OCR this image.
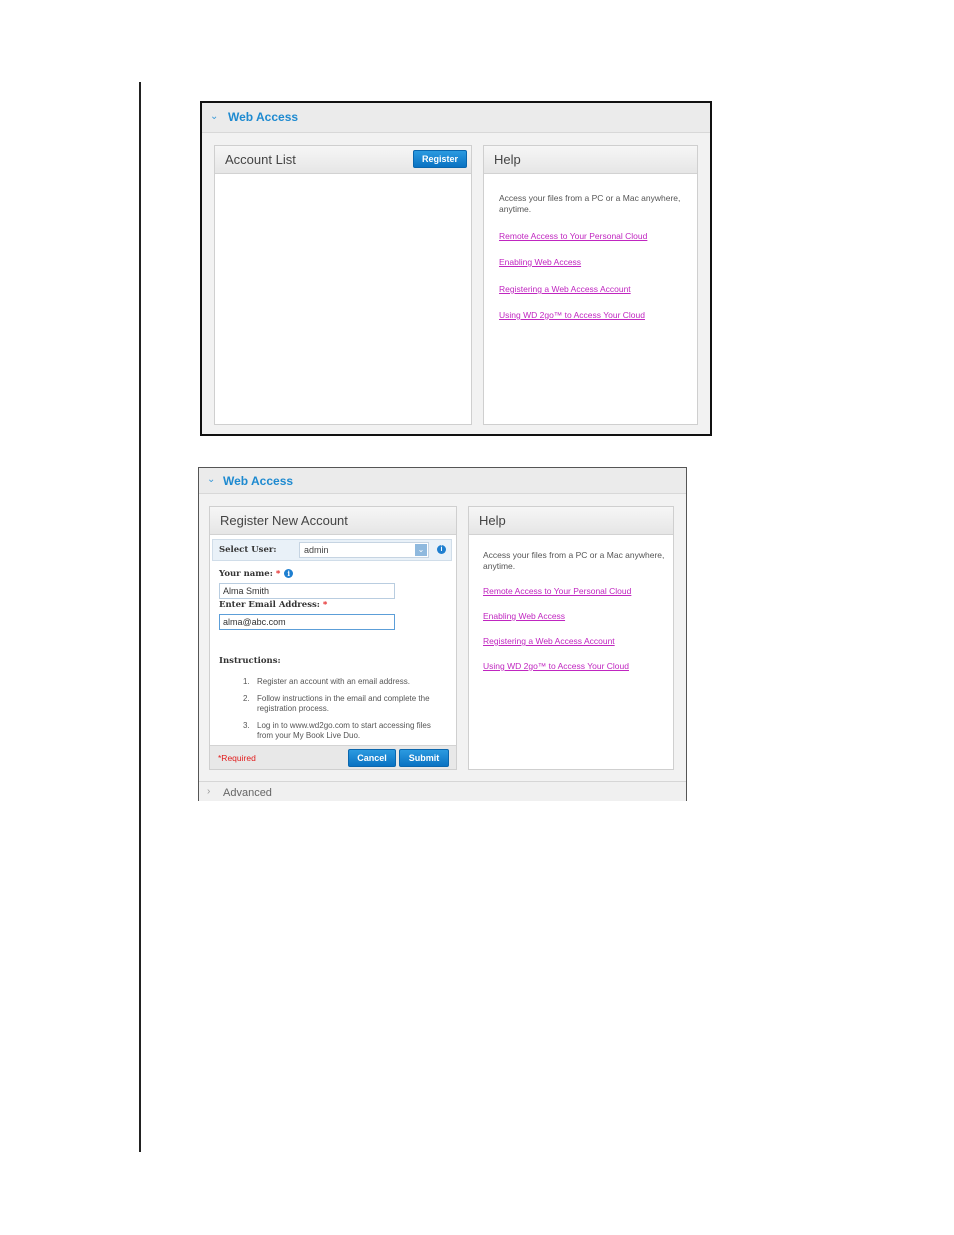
⌄ Web Access
Account List	Register	Help
Access your files from a PC or a Mac anywhere, anytime.
Remote Access to Your Personal Cloud
Enabling Web Access
Registering a Web Access Account
Using WD 2go™ to Access Your Cloud
⌄ Web Access
Register New Account
Select User:	admin	⌄	i
Your name: * i
Alma Smith
Enter Email Address: *
alma@abc.com
Instructions:
1. Register an account with an email address.
2. Follow instructions in the email and complete the registration process.
3. Log in to www.wd2go.com to start accessing files from your My Book Live Duo.
*Required	Cancel	Submit
Help
Access your files from a PC or a Mac anywhere, anytime.
Remote Access to Your Personal Cloud
Enabling Web Access
Registering a Web Access Account
Using WD 2go™ to Access Your Cloud
› Advanced
